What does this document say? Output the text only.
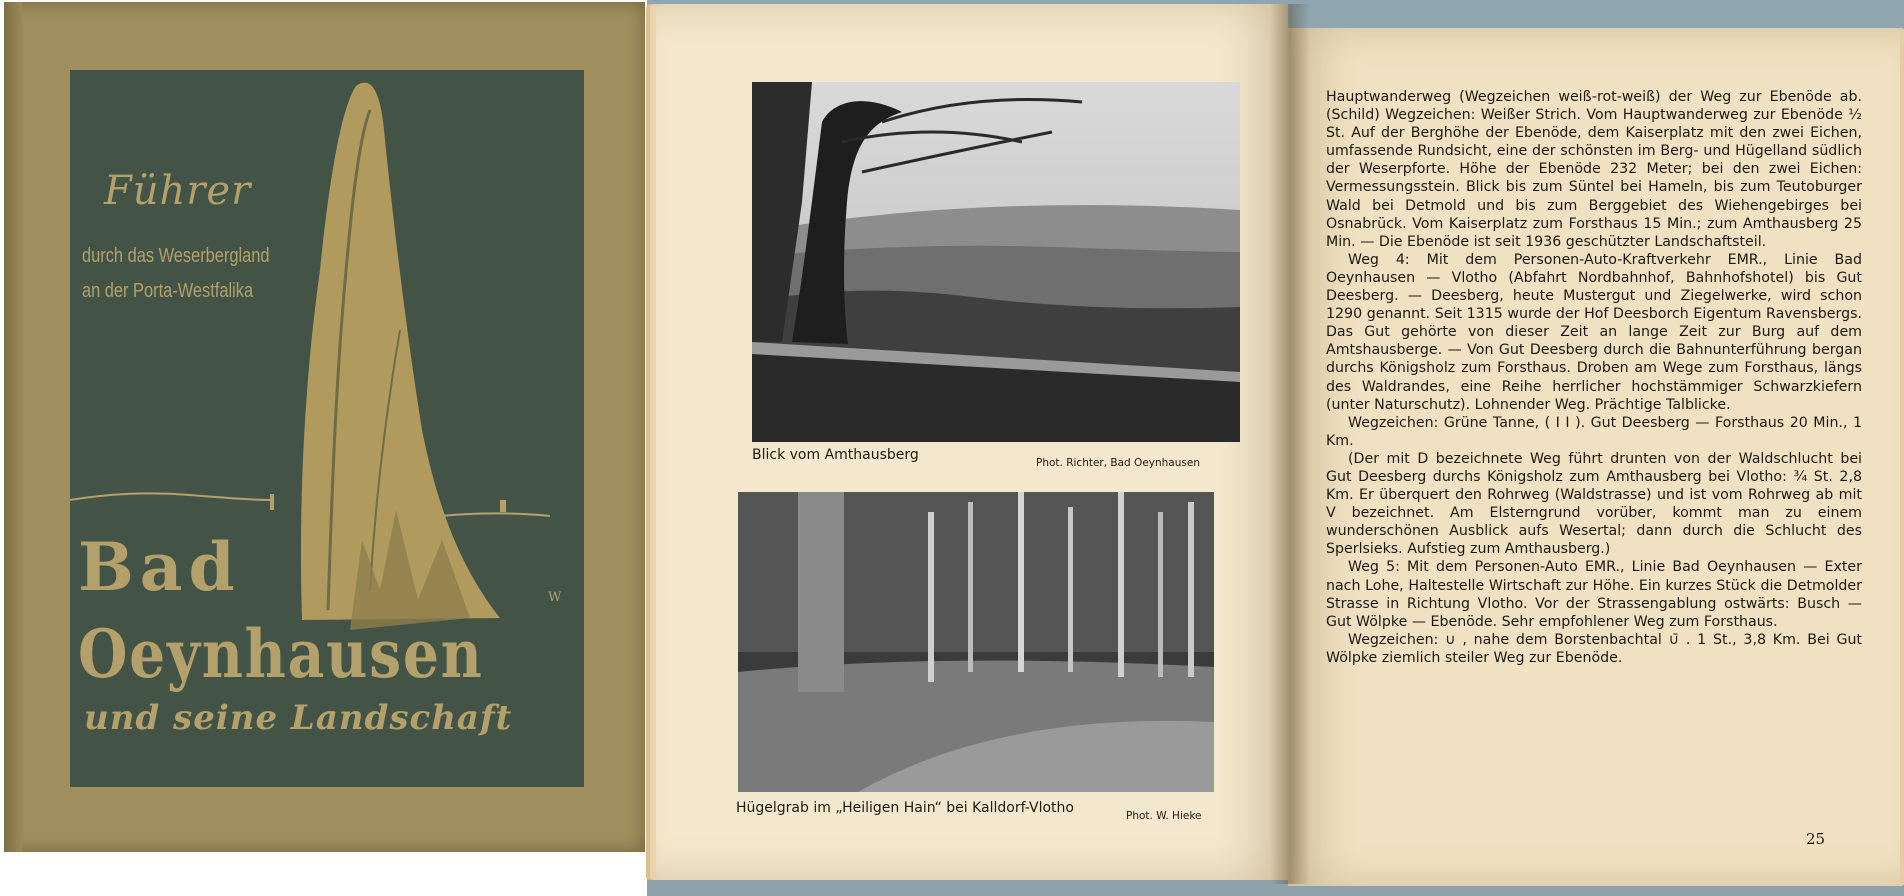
Führer

durch das Weserbergland

an der Porta-Westfalika

Bad

Oeynhausen

und seine Landschaft

W

Blick vom Amthausberg	Phot. Richter, Bad Oeynhausen

Hügelgrab im „Heiligen Hain“ bei Kalldorf-Vlotho	Phot. W. Hieke

Hauptwanderweg (Wegzeichen weiß-rot-weiß) der Weg zur Ebenöde ab. (Schild) Wegzeichen: Weißer Strich. Vom Hauptwanderweg zur Ebenöde ½ St. Auf der Berghöhe der Ebenöde, dem Kaiserplatz mit den zwei Eichen, umfassende Rundsicht, eine der schönsten im Berg- und Hügelland südlich der Weserpforte. Höhe der Ebenöde 232 Meter; bei den zwei Eichen: Vermessungsstein. Blick bis zum Süntel bei Hameln, bis zum Teutoburger Wald bei Detmold und bis zum Berggebiet des Wiehengebirges bei Osnabrück. Vom Kaiserplatz zum Forsthaus 15 Min.; zum Amthausberg 25 Min. — Die Ebenöde ist seit 1936 geschützter Landschaftsteil.

Weg 4: Mit dem Personen-Auto-Kraftverkehr EMR., Linie Bad Oeynhausen — Vlotho (Abfahrt Nordbahnhof, Bahnhofshotel) bis Gut Deesberg. — Deesberg, heute Mustergut und Ziegelwerke, wird schon 1290 genannt. Seit 1315 wurde der Hof Deesborch Eigentum Ravensbergs. Das Gut gehörte von dieser Zeit an lange Zeit zur Burg auf dem Amtshausberge. — Von Gut Deesberg durch die Bahnunterführung bergan durchs Königsholz zum Forsthaus. Droben am Wege zum Forsthaus, längs des Waldrandes, eine Reihe herrlicher hochstämmiger Schwarzkiefern (unter Naturschutz). Lohnender Weg. Prächtige Talblicke.

Wegzeichen: Grüne Tanne, ( I I ). Gut Deesberg — Forsthaus 20 Min., 1 Km.

(Der mit D bezeichnete Weg führt drunten von der Waldschlucht bei Gut Deesberg durchs Königsholz zum Amthausberg bei Vlotho: ¾ St. 2,8 Km. Er überquert den Rohrweg (Waldstrasse) und ist vom Rohrweg ab mit V bezeichnet. Am Elsterngrund vorüber, kommt man zu einem wunderschönen Ausblick aufs Wesertal; dann durch die Schlucht des Sperlsieks. Aufstieg zum Amthausberg.)

Weg 5: Mit dem Personen-Auto EMR., Linie Bad Oeynhausen — Exter nach Lohe, Haltestelle Wirtschaft zur Höhe. Ein kurzes Stück die Detmolder Strasse in Richtung Vlotho. Vor der Strassengablung ostwärts: Busch — Gut Wölpke — Ebenöde. Sehr empfohlener Weg zum Forsthaus.

Wegzeichen: ∪ , nahe dem Borstenbachtal ∪̄ . 1 St., 3,8 Km. Bei Gut Wölpke ziemlich steiler Weg zur Ebenöde.

25
